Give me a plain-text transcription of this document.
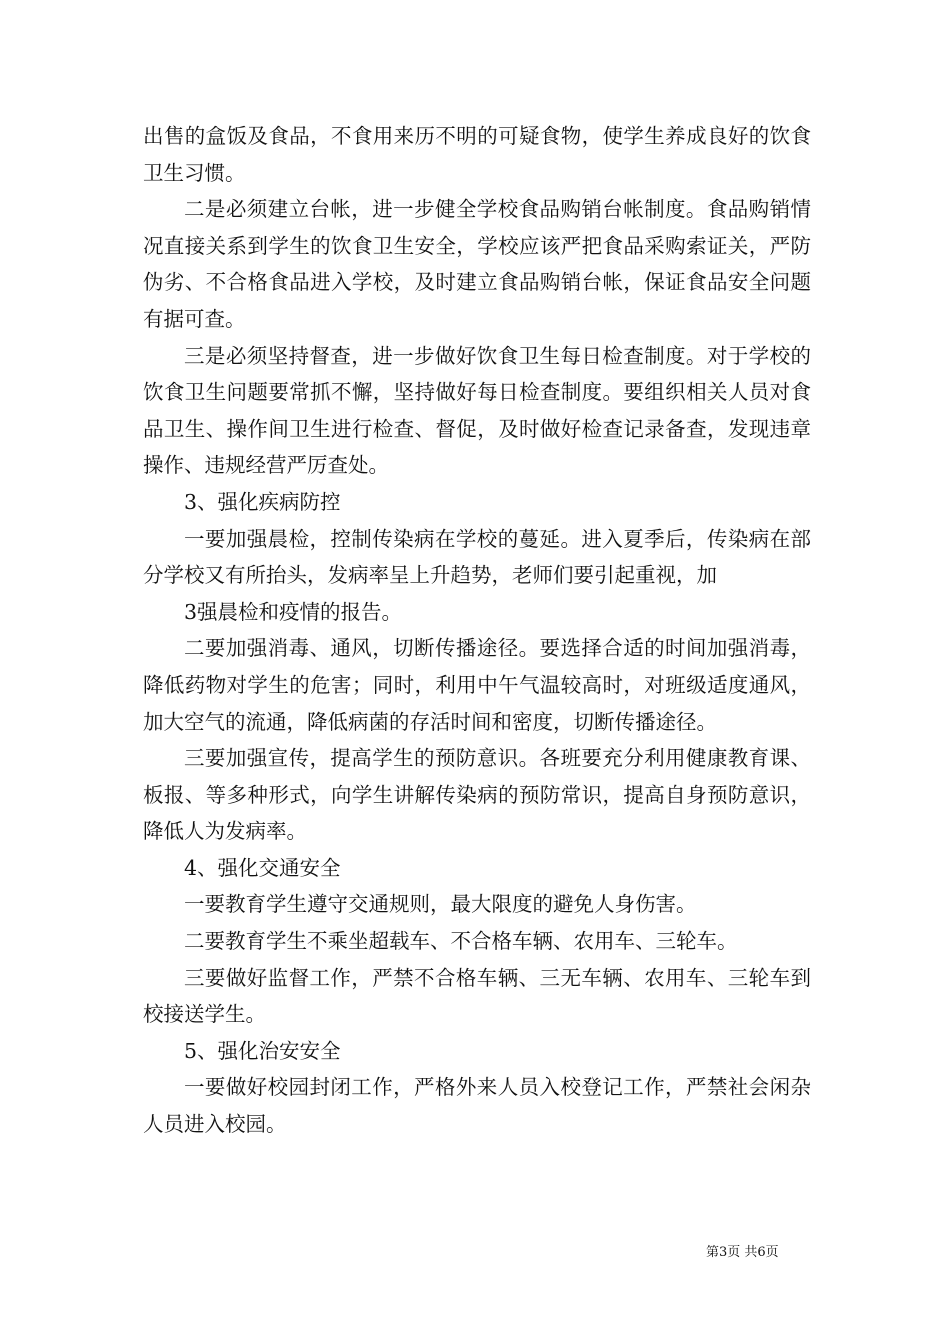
出售的盒饭及食品，不食用来历不明的可疑食物，使学生养成良好的饮食卫生习惯。

二是必须建立台帐，进一步健全学校食品购销台帐制度。食品购销情况直接关系到学生的饮食卫生安全，学校应该严把食品采购索证关，严防伪劣、不合格食品进入学校，及时建立食品购销台帐，保证食品安全问题有据可查。

三是必须坚持督查，进一步做好饮食卫生每日检查制度。对于学校的饮食卫生问题要常抓不懈，坚持做好每日检查制度。要组织相关人员对食品卫生、操作间卫生进行检查、督促，及时做好检查记录备查，发现违章操作、违规经营严厉查处。

3、强化疾病防控

一要加强晨检，控制传染病在学校的蔓延。进入夏季后，传染病在部分学校又有所抬头，发病率呈上升趋势，老师们要引起重视，加

3强晨检和疫情的报告。

二要加强消毒、通风，切断传播途径。要选择合适的时间加强消毒，降低药物对学生的危害；同时，利用中午气温较高时，对班级适度通风，加大空气的流通，降低病菌的存活时间和密度，切断传播途径。

三要加强宣传，提高学生的预防意识。各班要充分利用健康教育课、板报、等多种形式，向学生讲解传染病的预防常识，提高自身预防意识，降低人为发病率。

4、强化交通安全

一要教育学生遵守交通规则，最大限度的避免人身伤害。

二要教育学生不乘坐超载车、不合格车辆、农用车、三轮车。

三要做好监督工作，严禁不合格车辆、三无车辆、农用车、三轮车到校接送学生。

5、强化治安安全

一要做好校园封闭工作，严格外来人员入校登记工作，严禁社会闲杂人员进入校园。

第3页 共6页
